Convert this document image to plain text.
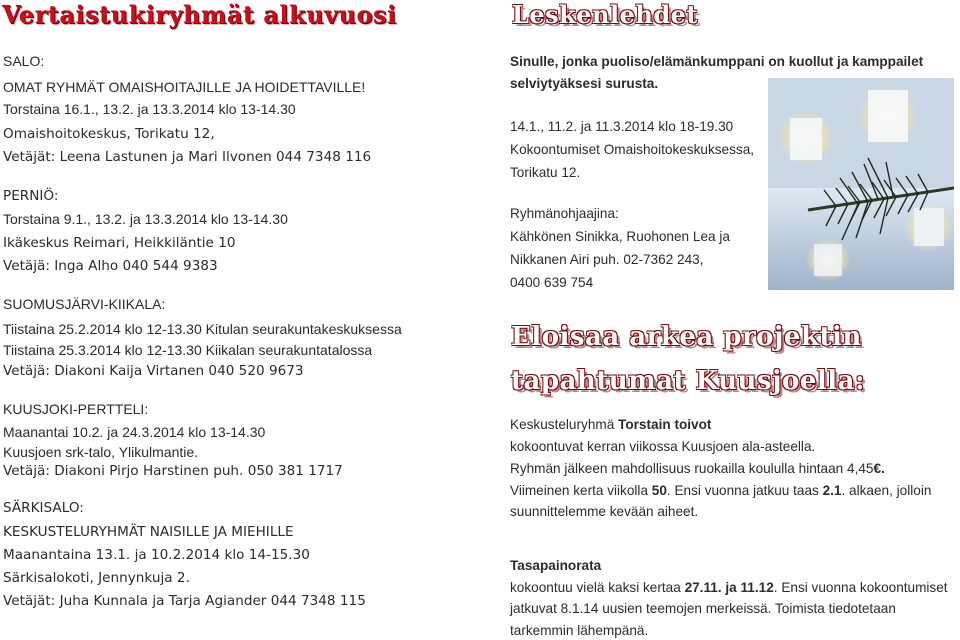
Vertaistukiryhmät alkuvuosi
SALO:
OMAT RYHMÄT OMAISHOITAJILLE JA HOIDETTAVILLE!
Torstaina 16.1., 13.2. ja 13.3.2014 klo 13-14.30
Omaishoitokeskus, Torikatu 12,
Vetäjät: Leena Lastunen ja Mari Ilvonen 044 7348 116
PERNIÖ:
Torstaina 9.1., 13.2. ja 13.3.2014 klo 13-14.30
Ikäkeskus Reimari, Heikkiläntie 10
Vetäjä: Inga Alho 040 544 9383
SUOMUSJÄRVI-KIIKALA:
Tiistaina 25.2.2014 klo 12-13.30 Kitulan seurakuntakeskuksessa
Tiistaina 25.3.2014 klo 12-13.30 Kiikalan seurakuntatalossa
Vetäjä: Diakoni Kaija Virtanen 040 520 9673
KUUSJOKI-PERTTELI:
Maanantai 10.2. ja 24.3.2014 klo 13-14.30
Kuusjoen srk-talo, Ylikulmantie.
Vetäjä: Diakoni Pirjo Harstinen puh. 050 381 1717
SÄRKISALO:
KESKUSTELURYHMÄT NAISILLE JA MIEHILLE
Maanantaina 13.1. ja 10.2.2014 klo 14-15.30
Särkisalokoti, Jennynkuja 2.
Vetäjät: Juha Kunnala ja Tarja Agiander 044 7348 115
Leskenlehdet
Sinulle, jonka puoliso/elämänkumppani on kuollut ja kamppailet
selviytyäksesi surusta.
14.1., 11.2. ja 11.3.2014 klo 18-19.30
Kokoontumiset Omaishoitokeskuksessa,
Torikatu 12.
Ryhmänohjaajina:
Kähkönen Sinikka, Ruohonen Lea ja
Nikkanen Airi puh. 02-7362 243,
0400 639 754
Eloisaa arkea projektin
tapahtumat Kuusjoella:
Keskusteluryhmä Torstain toivot
kokoontuvat kerran viikossa Kuusjoen ala-asteella.
Ryhmän jälkeen mahdollisuus ruokailla koululla hintaan 4,45€.
Viimeinen kerta viikolla 50. Ensi vuonna jatkuu taas 2.1. alkaen, jolloin
suunnittelemme kevään aiheet.
Tasapainorata
kokoontuu vielä kaksi kertaa 27.11. ja 11.12. Ensi vuonna kokoontumiset
jatkuvat 8.1.14 uusien teemojen merkeissä. Toimista tiedotetaan
tarkemmin lähempänä.
